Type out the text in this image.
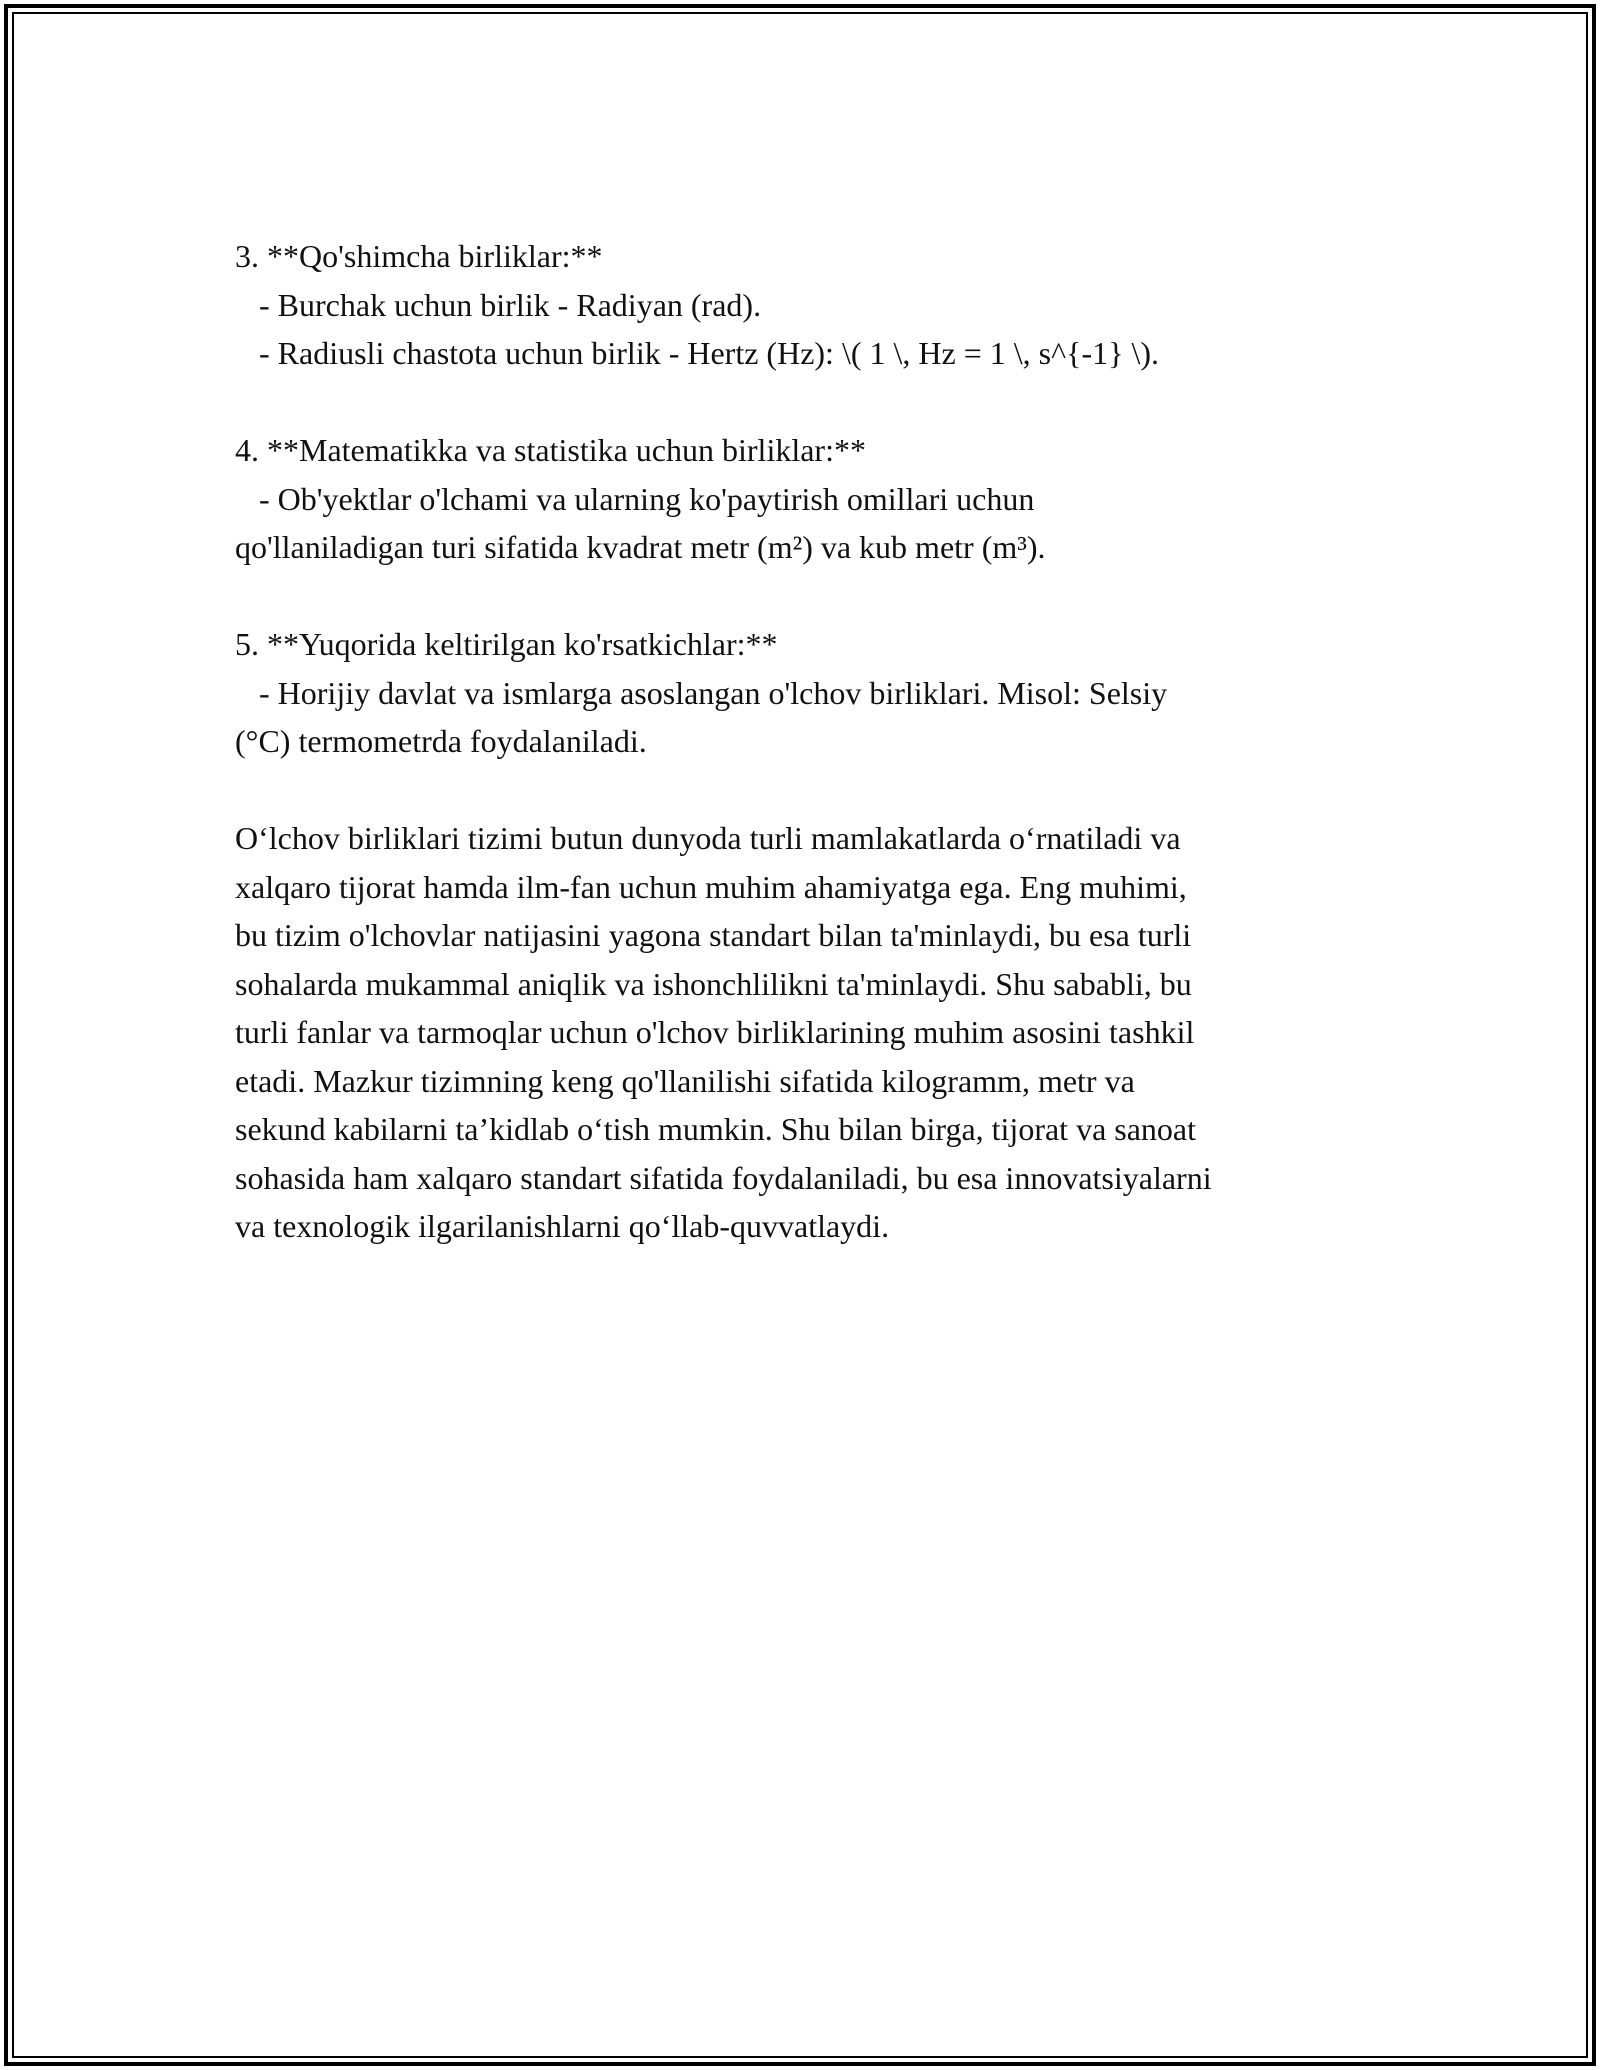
3. **Qo'shimcha birliklar:**

- Burchak uchun birlik - Radiyan (rad).

- Radiusli chastota uchun birlik - Hertz (Hz): \( 1 \, Hz = 1 \, s^{-1} \).

4. **Matematikka va statistika uchun birliklar:**

- Ob'yektlar o'lchami va ularning ko'paytirish omillari uchun

qo'llaniladigan turi sifatida kvadrat metr (m²) va kub metr (m³).

5. **Yuqorida keltirilgan ko'rsatkichlar:**

- Horijiy davlat va ismlarga asoslangan o'lchov birliklari. Misol: Selsiy

(°C) termometrda foydalaniladi.

O‘lchov birliklari tizimi butun dunyoda turli mamlakatlarda o‘rnatiladi va

xalqaro tijorat hamda ilm-fan uchun muhim ahamiyatga ega. Eng muhimi,

bu tizim o'lchovlar natijasini yagona standart bilan ta'minlaydi, bu esa turli

sohalarda mukammal aniqlik va ishonchlilikni ta'minlaydi. Shu sababli, bu

turli fanlar va tarmoqlar uchun o'lchov birliklarining muhim asosini tashkil

etadi. Mazkur tizimning keng qo'llanilishi sifatida kilogramm, metr va

sekund kabilarni ta’kidlab o‘tish mumkin. Shu bilan birga, tijorat va sanoat

sohasida ham xalqaro standart sifatida foydalaniladi, bu esa innovatsiyalarni

va texnologik ilgarilanishlarni qo‘llab-quvvatlaydi.
